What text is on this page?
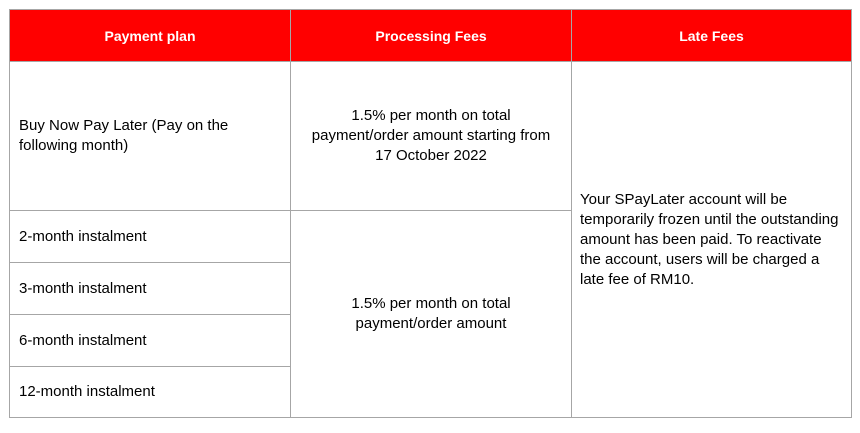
Payment plan	Processing Fees	Late Fees
Buy Now Pay Later (Pay on the following month)	1.5% per month on total payment/order amount starting from 17 October 2022	Your SPayLater account will be temporarily frozen until the outstanding amount has been paid. To reactivate the account, users will be charged a late fee of RM10.
2-month instalment	1.5% per month on total payment/order amount	
3-month instalment		
6-month instalment		
12-month instalment		
